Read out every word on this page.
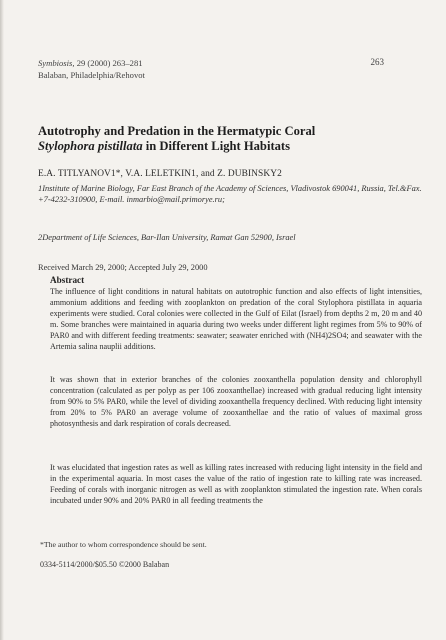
Symbiosis, 29 (2000) 263–281
Balaban, Philadelphia/Rehovot
263
Autotrophy and Predation in the Hermatypic Coral
Stylophora pistillata in Different Light Habitats
E.A. TITLYANOV1*, V.A. LELETKIN1, and Z. DUBINSKY2
1Institute of Marine Biology, Far East Branch of the Academy of Sciences, Vladivostok 690041, Russia, Tel.&Fax. +7-4232-310900, E-mail. inmarbio@mail.primorye.ru;
2Department of Life Sciences, Bar-Ilan University, Ramat Gan 52900, Israel
Received March 29, 2000; Accepted July 29, 2000
Abstract

The influence of light conditions in natural habitats on autotrophic function and also effects of light intensities, ammonium additions and feeding with zooplankton on predation of the coral Stylophora pistillata in aquaria experiments were studied. Coral colonies were collected in the Gulf of Eilat (Israel) from depths 2 m, 20 m and 40 m. Some branches were maintained in aquaria during two weeks under different light regimes from 5% to 90% of PAR0 and with different feeding treatments: seawater; seawater enriched with (NH4)2SO4; and seawater with the Artemia salina nauplii additions.

It was shown that in exterior branches of the colonies zooxanthella population density and chlorophyll concentration (calculated as per polyp as per 106 zooxanthellae) increased with gradual reducing light intensity from 90% to 5% PAR0, while the level of dividing zooxanthella frequency declined. With reducing light intensity from 20% to 5% PAR0 an average volume of zooxanthellae and the ratio of values of maximal gross photosynthesis and dark respiration of corals decreased.

It was elucidated that ingestion rates as well as killing rates increased with reducing light intensity in the field and in the experimental aquaria. In most cases the value of the ratio of ingestion rate to killing rate was increased. Feeding of corals with inorganic nitrogen as well as with zooplankton stimulated the ingestion rate. When corals incubated under 90% and 20% PAR0 in all feeding treatments the

*The author to whom correspondence should be sent.
0334-5114/2000/$05.50 ©2000 Balaban
